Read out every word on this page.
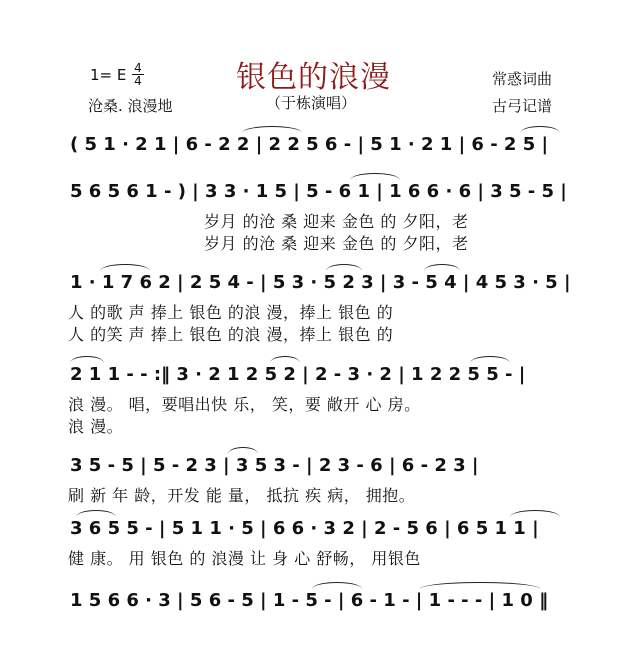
1= E $\frac{4}{4}$	银色的浪漫
（于栋演唱）
沧桑. 浪漫地
常惑词曲
古弓记谱
( 5 1 · 2 1 | 6 - 2 2 | 2 2 5 6 - | 5 1 · 2 1 | 6 - 2 5 |
5 6 5 6 1 - ) | 3 3 · 1 5 | 5 - 6 1 | 1 6 6 · 6 | 3 5 - 5 |
岁月 的沧 桑 迎来 金色 的 夕阳，老
岁月 的沧 桑 迎来 金色 的 夕阳，老
1 · 1 7 6 2 | 2 5 4 - | 5 3 · 5 2 3 | 3 - 5 4 | 4 5 3 · 5 |
人 的歌 声 捧上 银色 的浪 漫，捧上 银色 的
人 的笑 声 捧上 银色 的浪 漫，捧上 银色 的
2 1 1 - - :‖ 3 · 2 1 2 5 2 | 2 - 3 · 2 | 1 2 2 5 5 - |
浪 漫。 唱，要唱出快 乐， 笑，要 敞开 心 房。
浪 漫。
3 5 - 5 | 5 - 2 3 | 3 5 3 - | 2 3 - 6 | 6 - 2 3 |
刷 新 年 龄，开发 能 量， 抵抗 疾 病， 拥抱。
3 6 5 5 - | 5 1 1 · 5 | 6 6 · 3 2 | 2 - 5 6 | 6 5 1 1 |
健 康。 用 银色 的 浪漫 让 身 心 舒畅， 用银色
1 5 6 6 · 3 | 5 6 - 5 | 1 - 5 - | 6 - 1 - | 1 - - - | 1 0 ‖
